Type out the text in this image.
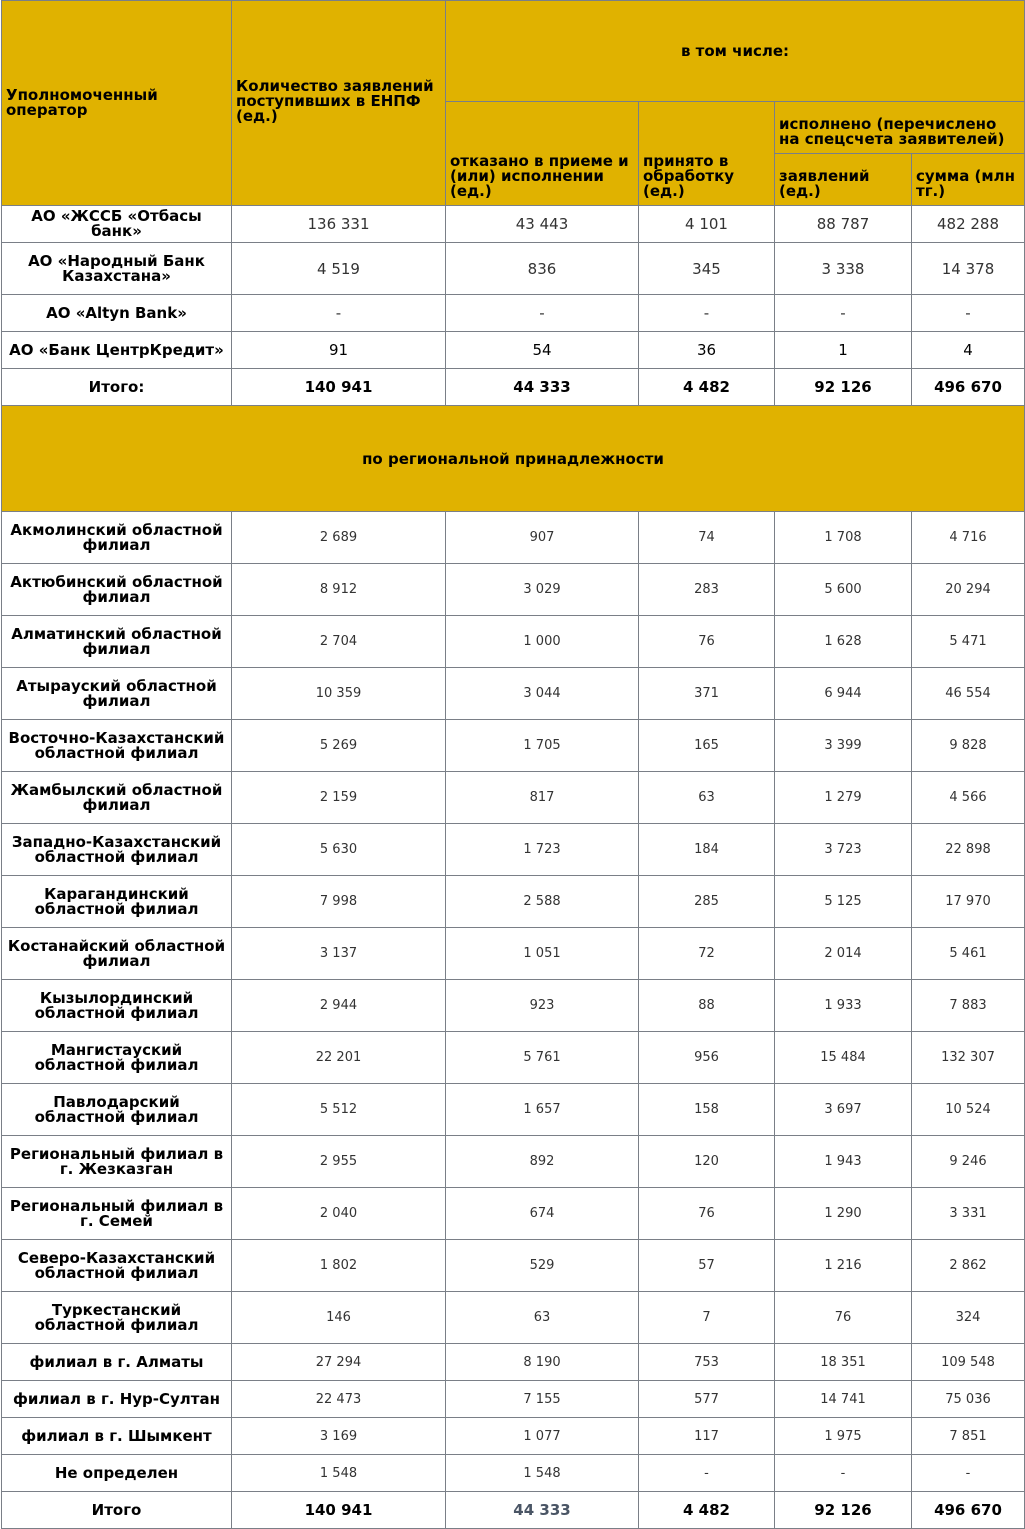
Уполномоченный оператор	Количество заявлений поступивших в ЕНПФ (ед.)	в том числе:			
		отказано в приеме и (или) исполнении (ед.)	принято в обработку (ед.)	исполнено (перечислено на спецсчета заявителей)	
				заявлений (ед.)	сумма (млн тг.)
АО «ЖССБ «Отбасы банк»	136 331	43 443	4 101	88 787	482 288
АО «Народный Банк Казахстана»	4 519	836	345	3 338	14 378
АО «Altyn Bank»	-	-	-	-	-
АО «Банк ЦентрКредит»	91	54	36	1	4
Итого:	140 941	44 333	4 482	92 126	496 670
по региональной принадлежности					
Акмолинский областной филиал	2 689	907	74	1 708	4 716
Актюбинский областной филиал	8 912	3 029	283	5 600	20 294
Алматинский областной филиал	2 704	1 000	76	1 628	5 471
Атырауский областной филиал	10 359	3 044	371	6 944	46 554
Восточно-Казахстанский областной филиал	5 269	1 705	165	3 399	9 828
Жамбылский областной филиал	2 159	817	63	1 279	4 566
Западно-Казахстанский областной филиал	5 630	1 723	184	3 723	22 898
Карагандинский областной филиал	7 998	2 588	285	5 125	17 970
Костанайский областной филиал	3 137	1 051	72	2 014	5 461
Кызылординский областной филиал	2 944	923	88	1 933	7 883
Мангистауский областной филиал	22 201	5 761	956	15 484	132 307
Павлодарский областной филиал	5 512	1 657	158	3 697	10 524
Региональный филиал в г. Жезказган	2 955	892	120	1 943	9 246
Региональный филиал в г. Семей	2 040	674	76	1 290	3 331
Северо-Казахстанский областной филиал	1 802	529	57	1 216	2 862
Туркестанский областной филиал	146	63	7	76	324
филиал в г. Алматы	27 294	8 190	753	18 351	109 548
филиал в г. Нур-Султан	22 473	7 155	577	14 741	75 036
филиал в г. Шымкент	3 169	1 077	117	1 975	7 851
Не определен	1 548	1 548	-	-	-
Итого	140 941	44 333	4 482	92 126	496 670
